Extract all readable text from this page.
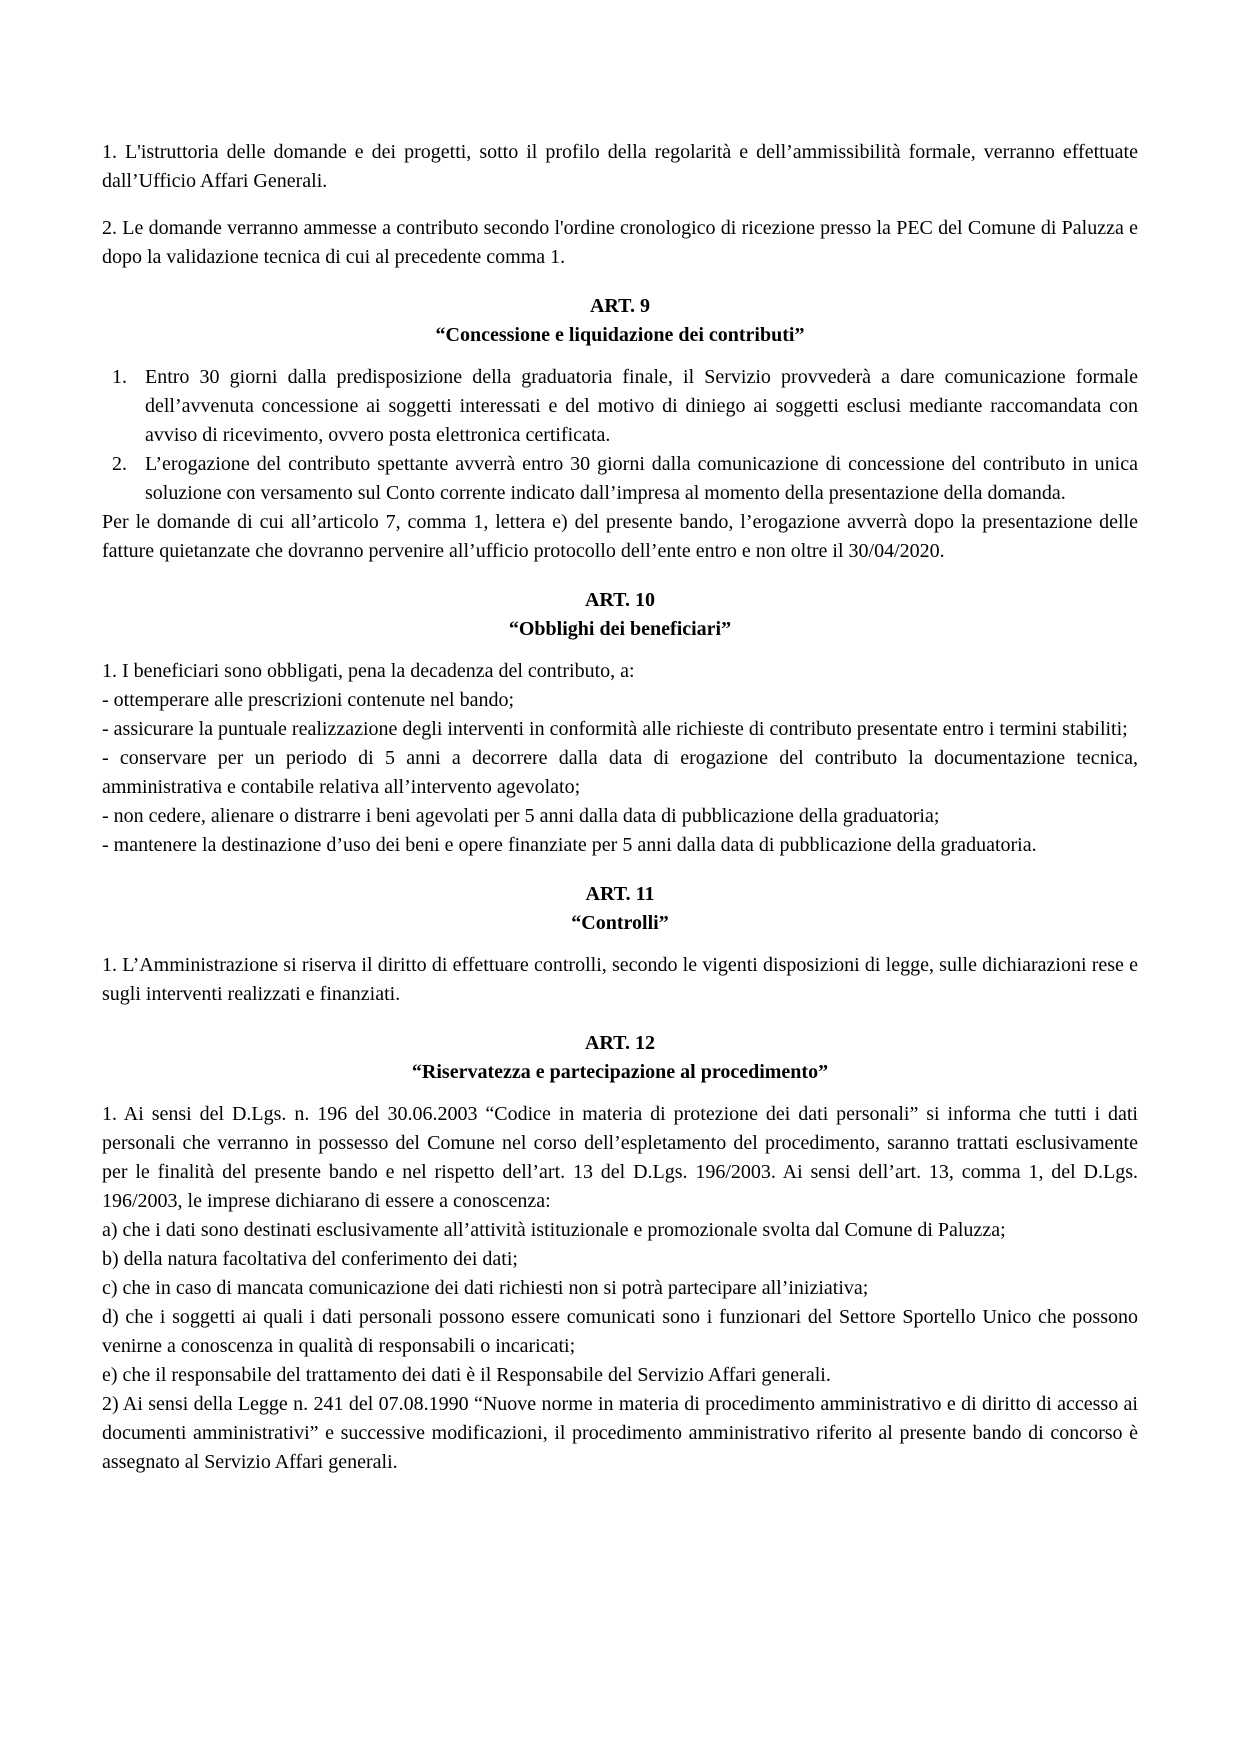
1. L'istruttoria delle domande e dei progetti, sotto il profilo della regolarità e dell’ammissibilità formale, verranno effettuate dall’Ufficio Affari Generali.

2. Le domande verranno ammesse a contributo secondo l'ordine cronologico di ricezione presso la PEC del Comune di Paluzza e dopo la validazione tecnica di cui al precedente comma 1.

ART. 9

“Concessione e liquidazione dei contributi”

1. Entro 30 giorni dalla predisposizione della graduatoria finale, il Servizio provvederà a dare comunicazione formale dell’avvenuta concessione ai soggetti interessati e del motivo di diniego ai soggetti esclusi mediante raccomandata con avviso di ricevimento, ovvero posta elettronica certificata.

2. L’erogazione del contributo spettante avverrà entro 30 giorni dalla comunicazione di concessione del contributo in unica soluzione con versamento sul Conto corrente indicato dall’impresa al momento della presentazione della domanda.

Per le domande di cui all’articolo 7, comma 1, lettera e) del presente bando, l’erogazione avverrà dopo la presentazione delle fatture quietanzate che dovranno pervenire all’ufficio protocollo dell’ente entro e non oltre il 30/04/2020.

ART. 10

“Obblighi dei beneficiari”

1. I beneficiari sono obbligati, pena la decadenza del contributo, a:

- ottemperare alle prescrizioni contenute nel bando;

- assicurare la puntuale realizzazione degli interventi in conformità alle richieste di contributo presentate entro i termini stabiliti;

- conservare per un periodo di 5 anni a decorrere dalla data di erogazione del contributo la documentazione tecnica, amministrativa e contabile relativa all’intervento agevolato;

- non cedere, alienare o distrarre i beni agevolati per 5 anni dalla data di pubblicazione della graduatoria;

- mantenere la destinazione d’uso dei beni e opere finanziate per 5 anni dalla data di pubblicazione della graduatoria.

ART. 11

“Controlli”

1. L’Amministrazione si riserva il diritto di effettuare controlli, secondo le vigenti disposizioni di legge, sulle dichiarazioni rese e sugli interventi realizzati e finanziati.

ART. 12

“Riservatezza e partecipazione al procedimento”

1. Ai sensi del D.Lgs. n. 196 del 30.06.2003 “Codice in materia di protezione dei dati personali” si informa che tutti i dati personali che verranno in possesso del Comune nel corso dell’espletamento del procedimento, saranno trattati esclusivamente per le finalità del presente bando e nel rispetto dell’art. 13 del D.Lgs. 196/2003. Ai sensi dell’art. 13, comma 1, del D.Lgs. 196/2003, le imprese dichiarano di essere a conoscenza:

a) che i dati sono destinati esclusivamente all’attività istituzionale e promozionale svolta dal Comune di Paluzza;

b) della natura facoltativa del conferimento dei dati;

c) che in caso di mancata comunicazione dei dati richiesti non si potrà partecipare all’iniziativa;

d) che i soggetti ai quali i dati personali possono essere comunicati sono i funzionari del Settore Sportello Unico che possono venirne a conoscenza in qualità di responsabili o incaricati;

e) che il responsabile del trattamento dei dati è il Responsabile del Servizio Affari generali.

2) Ai sensi della Legge n. 241 del 07.08.1990 “Nuove norme in materia di procedimento amministrativo e di diritto di accesso ai documenti amministrativi” e successive modificazioni, il procedimento amministrativo riferito al presente bando di concorso è assegnato al Servizio Affari generali.
